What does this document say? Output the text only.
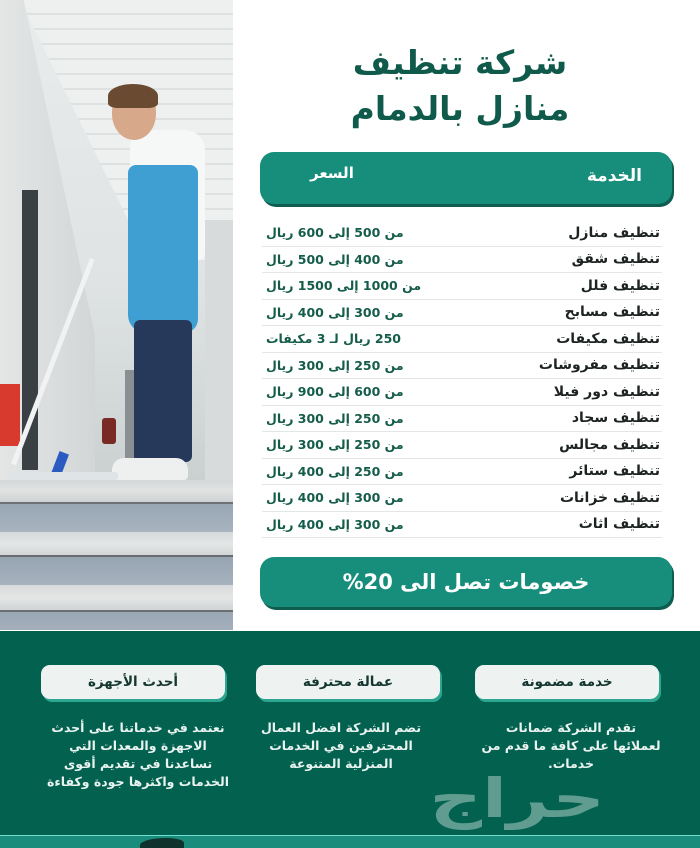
شركة تنظيف
منازل بالدمام
الخدمة
السعر
تنظيف منازل
من 500 إلى 600 ريال
تنظيف شقق
من 400 إلى 500 ريال
تنظيف فلل
من 1000 إلى 1500 ريال
تنظيف مسابح
من 300 إلى 400 ريال
تنظيف مكيفات
250 ريال لـ 3 مكيفات
تنظيف مفروشات
من 250 إلى 300 ريال
تنظيف دور فيلا
من 600 إلى 900 ريال
تنظيف سجاد
من 250 إلى 300 ريال
تنظيف مجالس
من 250 إلى 300 ريال
تنظيف ستائر
من 250 إلى 400 ريال
تنظيف خزانات
من 300 إلى 400 ريال
تنظيف اثاث
من 300 إلى 400 ريال
خصومات تصل الى 20%
خدمة مضمونة
عمالة محترفة
أحدث الأجهزة
تقدم الشركة ضمانات
لعملائها على كافة ما قدم من
خدمات.
تضم الشركة افضل العمال
المحترفين في الخدمات
المنزلية المتنوعة
نعتمد في خدماتنا على أحدث
الاجهزة والمعدات التي
تساعدنا في تقديم أقوى
الخدمات واكثرها جودة وكفاءة	حراج
